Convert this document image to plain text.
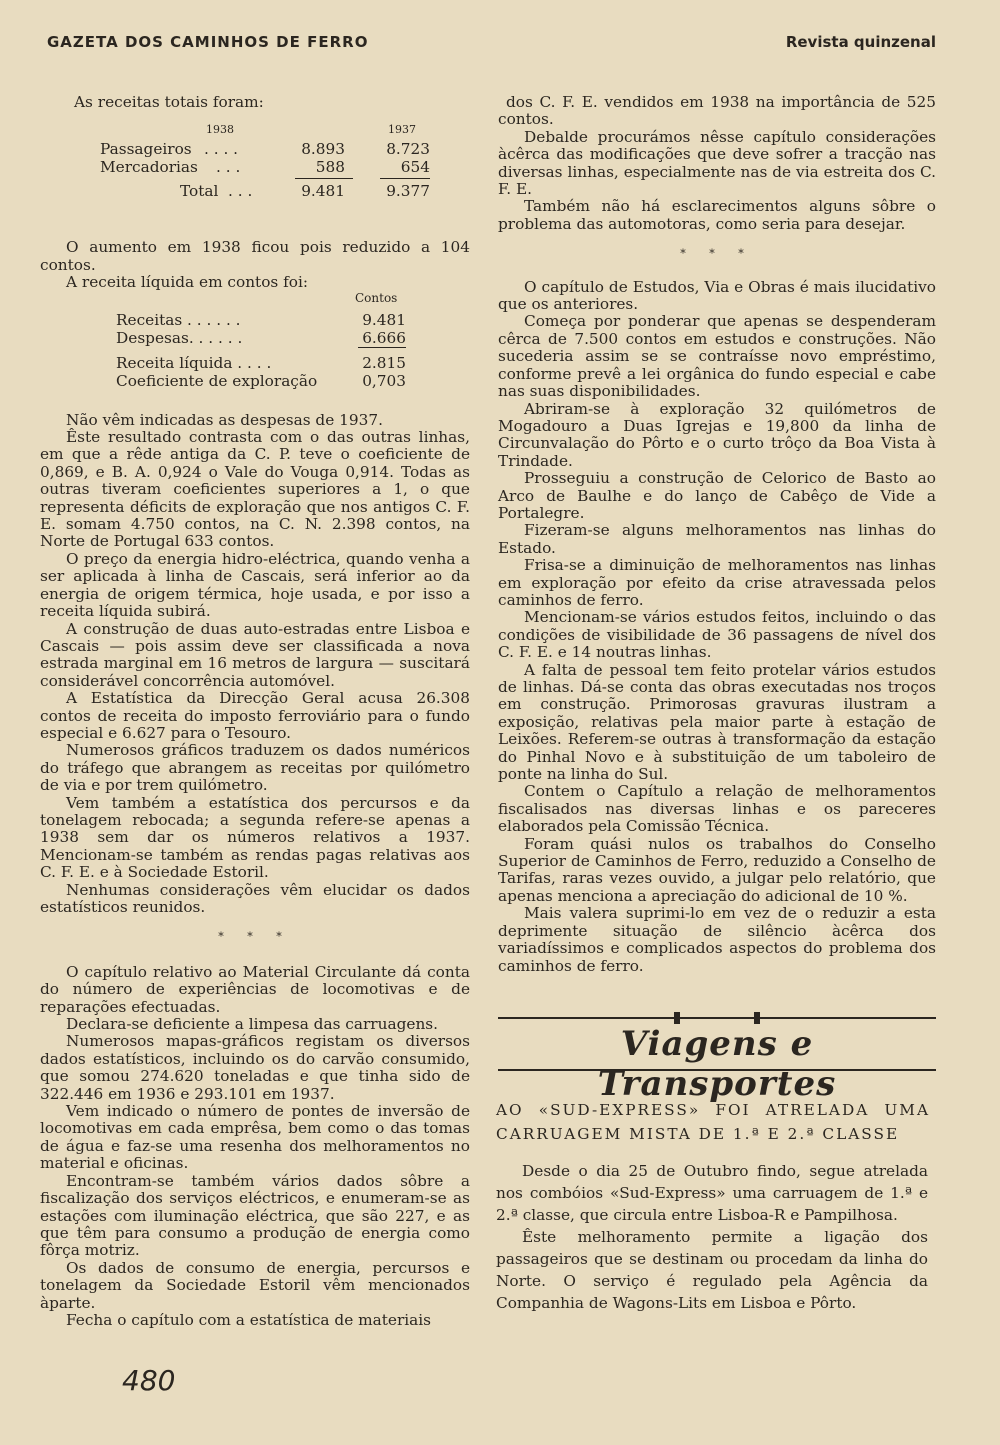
GAZETA DOS CAMINHOS DE FERRO	Revista quinzenal

As receitas totais foram:

1938	1937
Passageiros . . . .	8.893	8.723
Mercadorias . . .	588	654
Total . . .	9.481	9.377

O aumento em 1938 ficou pois reduzido a 104 contos.

A receita líquida em contos foi:

Contos
Receitas . . . . . .	9.481
Despesas. . . . . .	6.666
Receita líquida . . . .	2.815
Coeficiente de exploração	0,703

Não vêm indicadas as despesas de 1937.

Êste resultado contrasta com o das outras linhas, em que a rêde antiga da C. P. teve o coeficiente de 0,869, e B. A. 0,924 o Vale do Vouga 0,914. Todas as outras tiveram coeficientes superiores a 1, o que representa déficits de exploração que nos antigos C. F. E. somam 4.750 contos, na C. N. 2.398 contos, na Norte de Portugal 633 contos.

O preço da energia hidro-eléctrica, quando venha a ser aplicada à linha de Cascais, será inferior ao da energia de origem térmica, hoje usada, e por isso a receita líquida subirá.

A construção de duas auto-estradas entre Lisboa e Cascais — pois assim deve ser classificada a nova estrada marginal em 16 metros de largura — suscitará considerável concorrência automóvel.

A Estatística da Direcção Geral acusa 26.308 contos de receita do imposto ferroviário para o fundo especial e 6.627 para o Tesouro.

Numerosos gráficos traduzem os dados numéricos do tráfego que abrangem as receitas por quilómetro de via e por trem quilómetro.

Vem também a estatística dos percursos e da tonelagem rebocada; a segunda refere-se apenas a 1938 sem dar os números relativos a 1937. Mencionam-se também as rendas pagas relativas aos C. F. E. e à Sociedade Estoril.

Nenhumas considerações vêm elucidar os dados estatísticos reunidos.

* * *

O capítulo relativo ao Material Circulante dá conta do número de experiências de locomotivas e de reparações efectuadas.

Declara-se deficiente a limpesa das carruagens.

Numerosos mapas-gráficos registam os diversos dados estatísticos, incluindo os do carvão consumido, que somou 274.620 toneladas e que tinha sido de 322.446 em 1936 e 293.101 em 1937.

Vem indicado o número de pontes de inversão de locomotivas em cada emprêsa, bem como o das tomas de água e faz-se uma resenha dos melhoramentos no material e oficinas.

Encontram-se também vários dados sôbre a fiscalização dos serviços eléctricos, e enumeram-se as estações com iluminação eléctrica, que são 227, e as que têm para consumo a produção de energia como fôrça motriz.

Os dados de consumo de energia, percursos e tonelagem da Sociedade Estoril vêm mencionados àparte.

Fecha o capítulo com a estatística de materiais

dos C. F. E. vendidos em 1938 na importância de 525 contos.

Debalde procurámos nêsse capítulo considerações àcêrca das modificações que deve sofrer a tracção nas diversas linhas, especialmente nas de via estreita dos C. F. E.

Também não há esclarecimentos alguns sôbre o problema das automotoras, como seria para desejar.

* * *

O capítulo de Estudos, Via e Obras é mais ilucidativo que os anteriores.

Começa por ponderar que apenas se despenderam cêrca de 7.500 contos em estudos e construções. Não sucederia assim se se contraísse novo empréstimo, conforme prevê a lei orgânica do fundo especial e cabe nas suas disponibilidades.

Abriram-se à exploração 32 quilómetros de Mogadouro a Duas Igrejas e 19,800 da linha de Circunvalação do Pôrto e o curto trôço da Boa Vista à Trindade.

Prosseguiu a construção de Celorico de Basto ao Arco de Baulhe e do lanço de Cabêço de Vide a Portalegre.

Fizeram-se alguns melhoramentos nas linhas do Estado.

Frisa-se a diminuição de melhoramentos nas linhas em exploração por efeito da crise atravessada pelos caminhos de ferro.

Mencionam-se vários estudos feitos, incluindo o das condições de visibilidade de 36 passagens de nível dos C. F. E. e 14 noutras linhas.

A falta de pessoal tem feito protelar vários estudos de linhas. Dá-se conta das obras executadas nos troços em construção. Primorosas gravuras ilustram a exposição, relativas pela maior parte à estação de Leixões. Referem-se outras à transformação da estação do Pinhal Novo e à substituição de um taboleiro de ponte na linha do Sul.

Contem o Capítulo a relação de melhoramentos fiscalisados nas diversas linhas e os pareceres elaborados pela Comissão Técnica.

Foram quási nulos os trabalhos do Conselho Superior de Caminhos de Ferro, reduzido a Conselho de Tarifas, raras vezes ouvido, a julgar pelo relatório, que apenas menciona a apreciação do adicional de 10 %.

Mais valera suprimi-lo em vez de o reduzir a esta deprimente situação de silêncio àcêrca dos variadíssimos e complicados aspectos do problema dos caminhos de ferro.

Viagens e Transportes
AO «SUD-EXPRESS» FOI ATRELADA UMA CARRUAGEM MISTA DE 1.ª E 2.ª CLASSE

Desde o dia 25 de Outubro findo, segue atrelada nos combóios «Sud-Express» uma carruagem de 1.ª e 2.ª classe, que circula entre Lisboa-R e Pampilhosa.

Êste melhoramento permite a ligação dos passageiros que se destinam ou procedam da linha do Norte. O serviço é regulado pela Agência da Companhia de Wagons-Lits em Lisboa e Pôrto.

480
